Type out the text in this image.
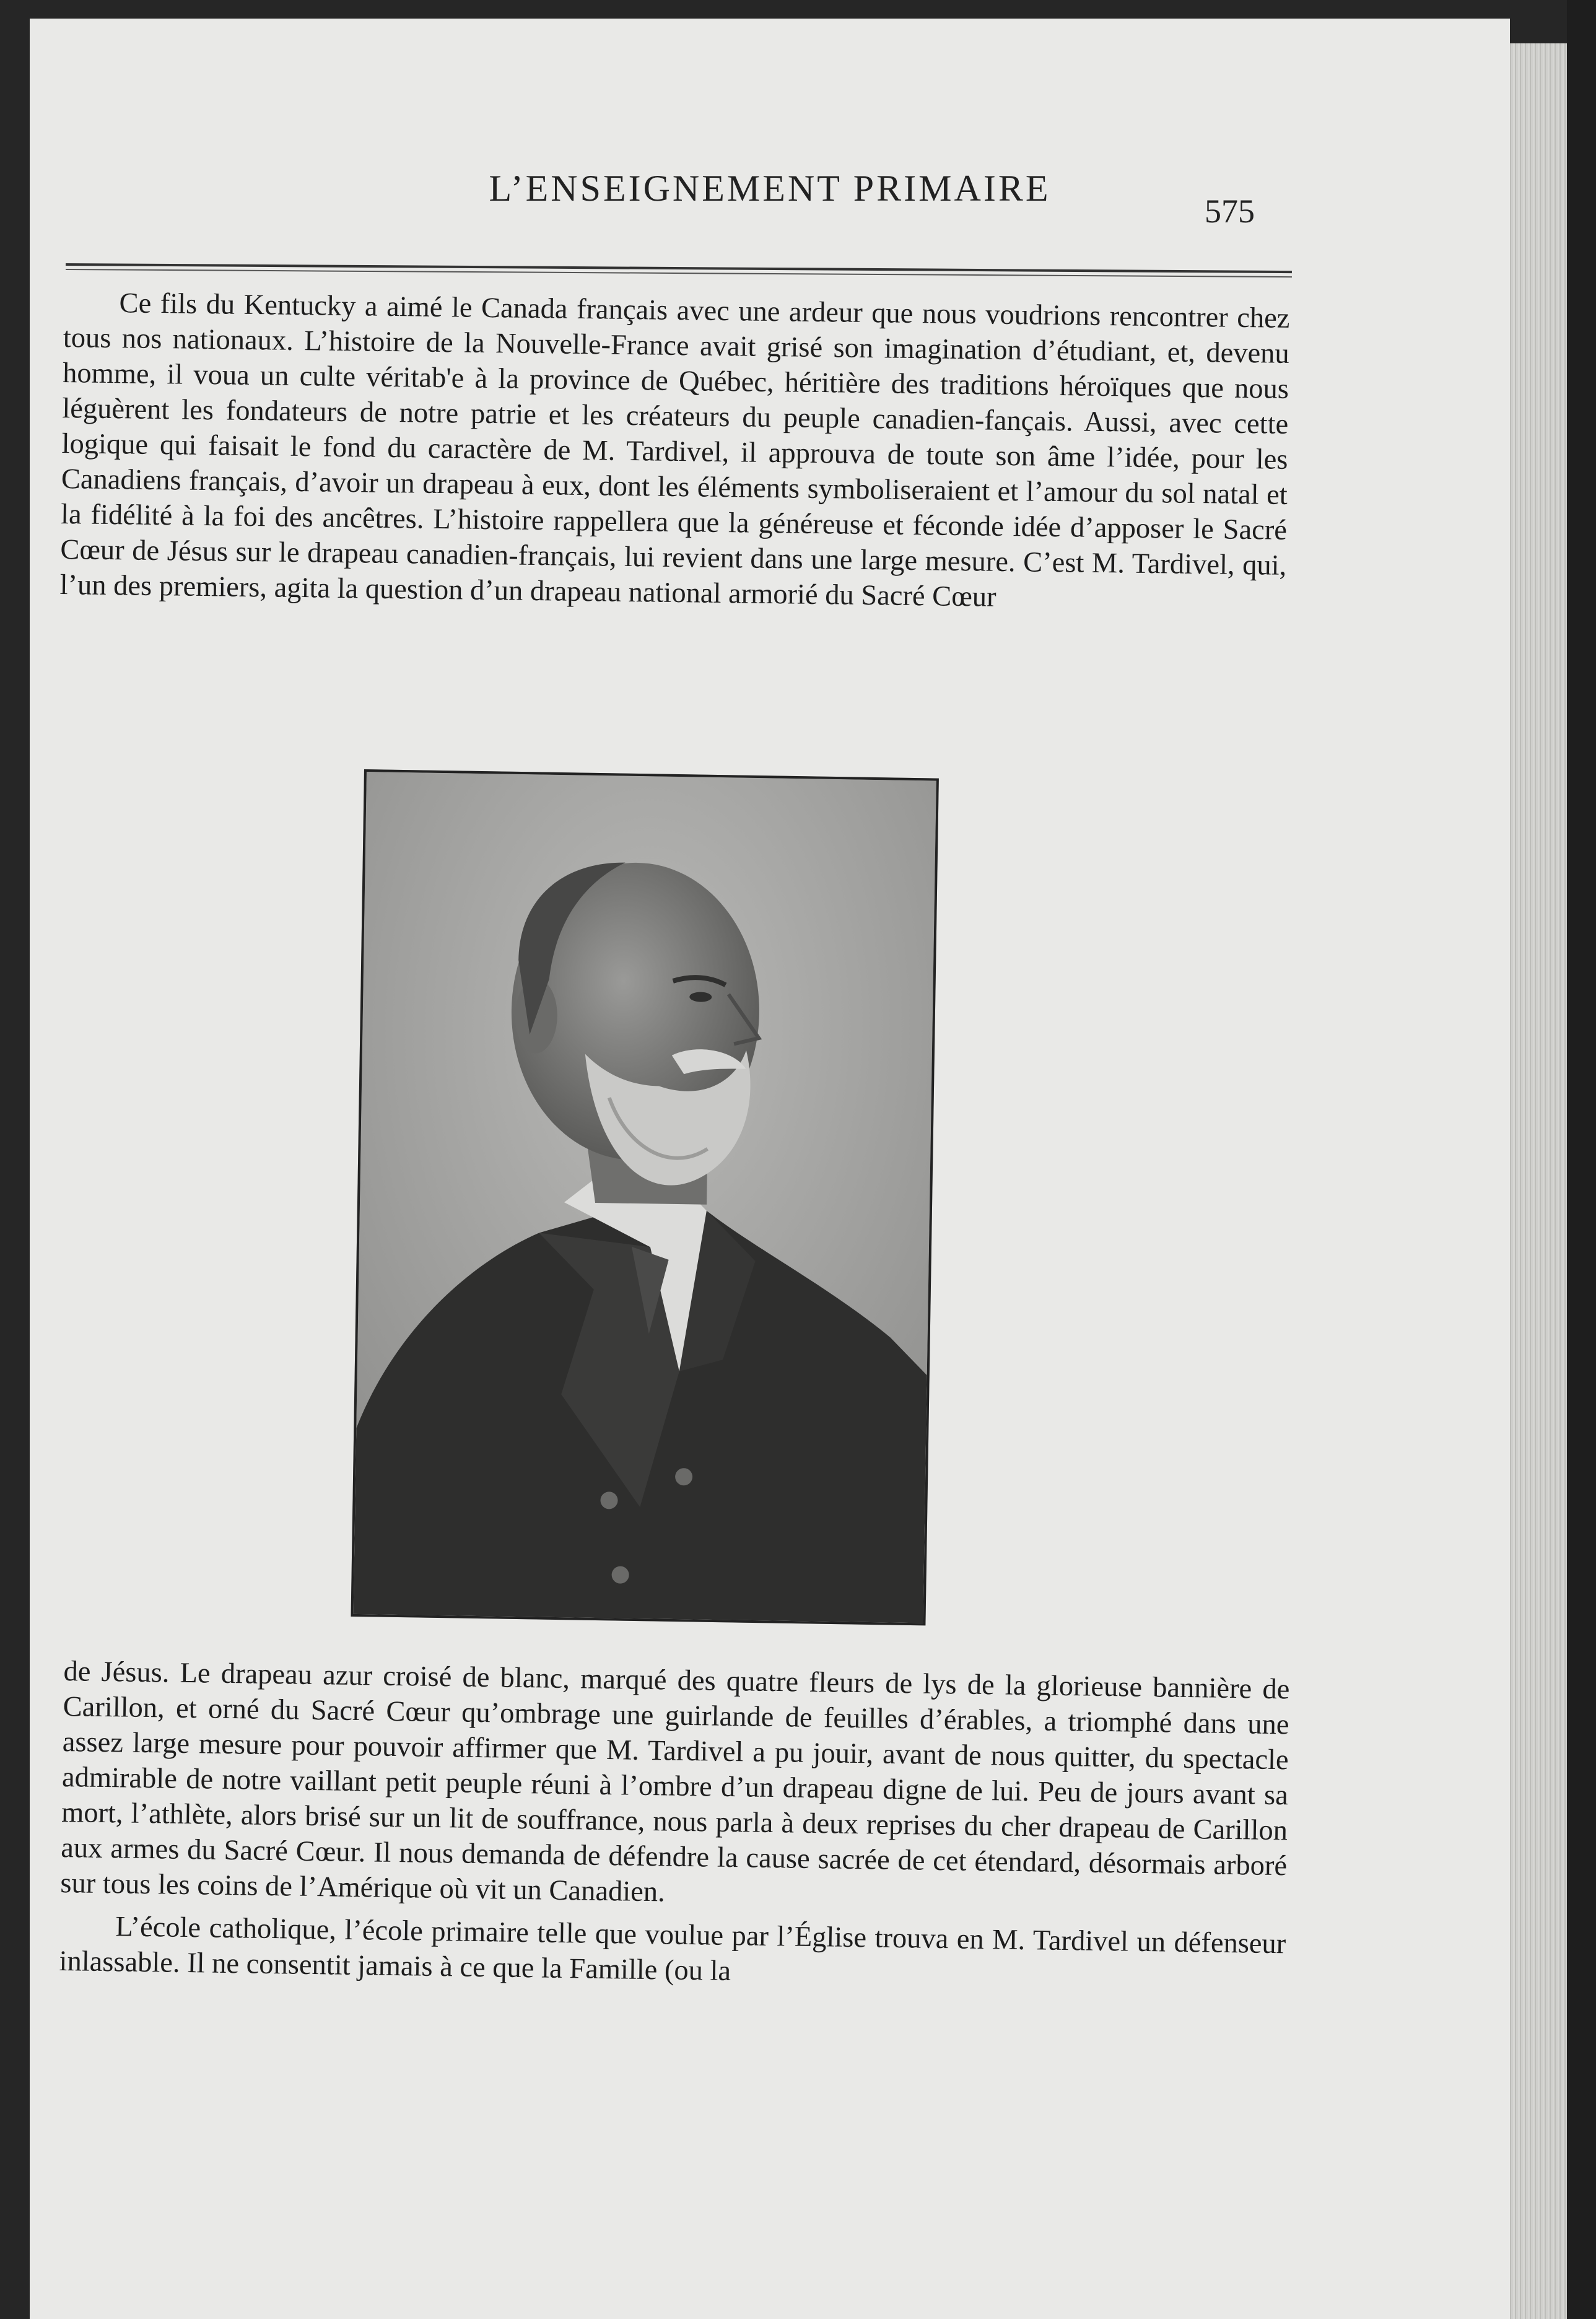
L’ENSEIGNEMENT PRIMAIRE
575

Ce fils du Kentucky a aimé le Canada français avec une ardeur que nous voudrions rencontrer chez tous nos nationaux. L’histoire de la Nouvelle-France avait grisé son imagination d’étudiant, et, devenu homme, il voua un culte véritab'e à la province de Québec, héritière des traditions héroïques que nous léguèrent les fondateurs de notre patrie et les créateurs du peuple canadien-fançais. Aussi, avec cette logique qui faisait le fond du caractère de M. Tardivel, il approuva de toute son âme l’idée, pour les Canadiens français, d’avoir un drapeau à eux, dont les éléments symboliseraient et l’amour du sol natal et la fidélité à la foi des ancêtres. L’histoire rappellera que la généreuse et féconde idée d’apposer le Sacré Cœur de Jésus sur le drapeau canadien-français, lui revient dans une large mesure. C’est M. Tardivel, qui, l’un des premiers, agita la question d’un drapeau national armorié du Sacré Cœur

de Jésus. Le drapeau azur croisé de blanc, marqué des quatre fleurs de lys de la glorieuse bannière de Carillon, et orné du Sacré Cœur qu’ombrage une guirlande de feuilles d’érables, a triomphé dans une assez large mesure pour pouvoir affirmer que M. Tardivel a pu jouir, avant de nous quitter, du spectacle admirable de notre vaillant petit peuple réuni à l’ombre d’un drapeau digne de lui. Peu de jours avant sa mort, l’athlète, alors brisé sur un lit de souffrance, nous parla à deux reprises du cher drapeau de Carillon aux armes du Sacré Cœur. Il nous demanda de défendre la cause sacrée de cet étendard, désormais arboré sur tous les coins de l’Amérique où vit un Canadien.

L’école catholique, l’école primaire telle que voulue par l’Église trouva en M. Tardivel un défenseur inlassable. Il ne consentit jamais à ce que la Famille (ou la
